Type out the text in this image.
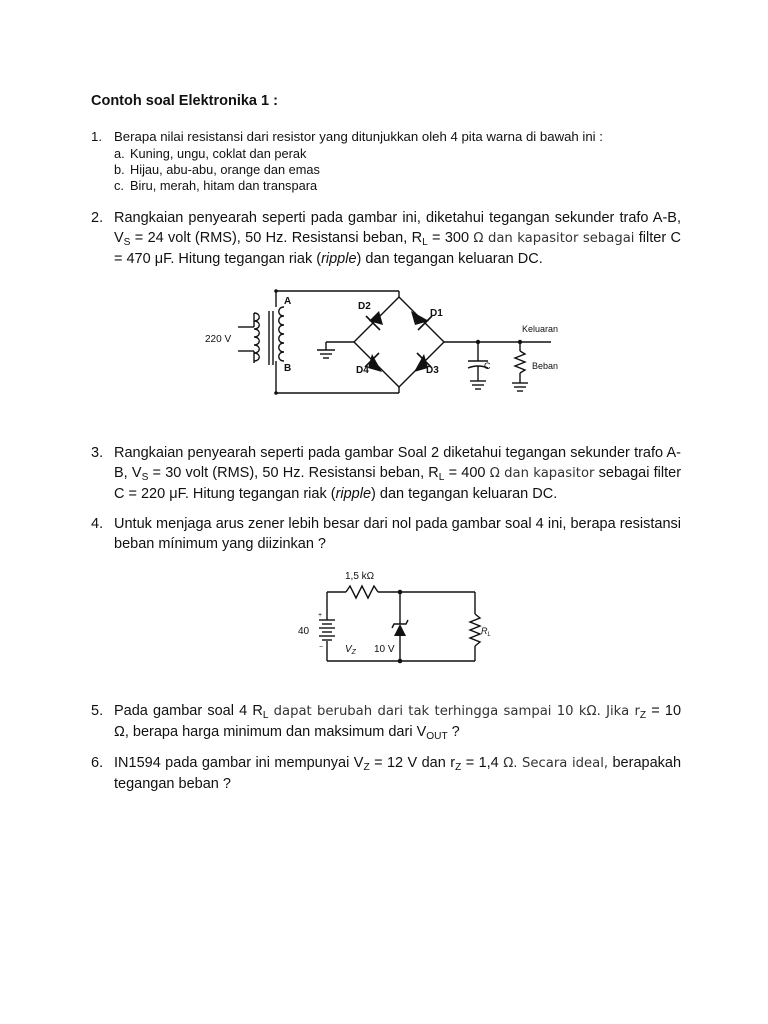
Contoh soal Elektronika 1 :
1. Berapa nilai resistansi dari resistor yang ditunjukkan oleh 4 pita warna di bawah ini :
a. Kuning, ungu, coklat dan perak
b. Hijau, abu-abu, orange dan emas
c. Biru, merah, hitam dan transpara
2. Rangkaian penyearah seperti pada gambar ini, diketahui tegangan sekunder trafo A-B, $V_S = 24$ volt (RMS), 50 Hz. Resistansi beban, $R_L = 300$ Ω dan kapasitor sebagai filter C = 470 μF. Hitung tegangan riak (ripple) dan tegangan keluaran DC.
220 V
A
B
D2
D1
D4	D3	C
Keluaran
Beban
3. Rangkaian penyearah seperti pada gambar Soal 2 diketahui tegangan sekunder trafo A-B, $V_S = 30$ volt (RMS), 50 Hz. Resistansi beban, $R_L = 400$ Ω dan kapasitor sebagai filter C = 220 μF. Hitung tegangan riak (ripple) dan tegangan keluaran DC.
4. Untuk menjaga arus zener lebih besar dari nol pada gambar soal 4 ini, berapa resistansi beban mínimum yang diizinkan ?
1,5 kΩ
40
+
− $V_Z$ 10 V
$R_L$
5. Pada gambar soal 4 $R_L$ dapat berubah dari tak terhingga sampai 10 kΩ. Jika $r_Z = 10$ Ω, berapa harga minimum dan maksimum dari $V_{OUT}$ ?
6. IN1594 pada gambar ini mempunyai $V_Z = 12$ V dan $r_Z = 1,4$ Ω. Secara ideal, berapakah tegangan beban ?
